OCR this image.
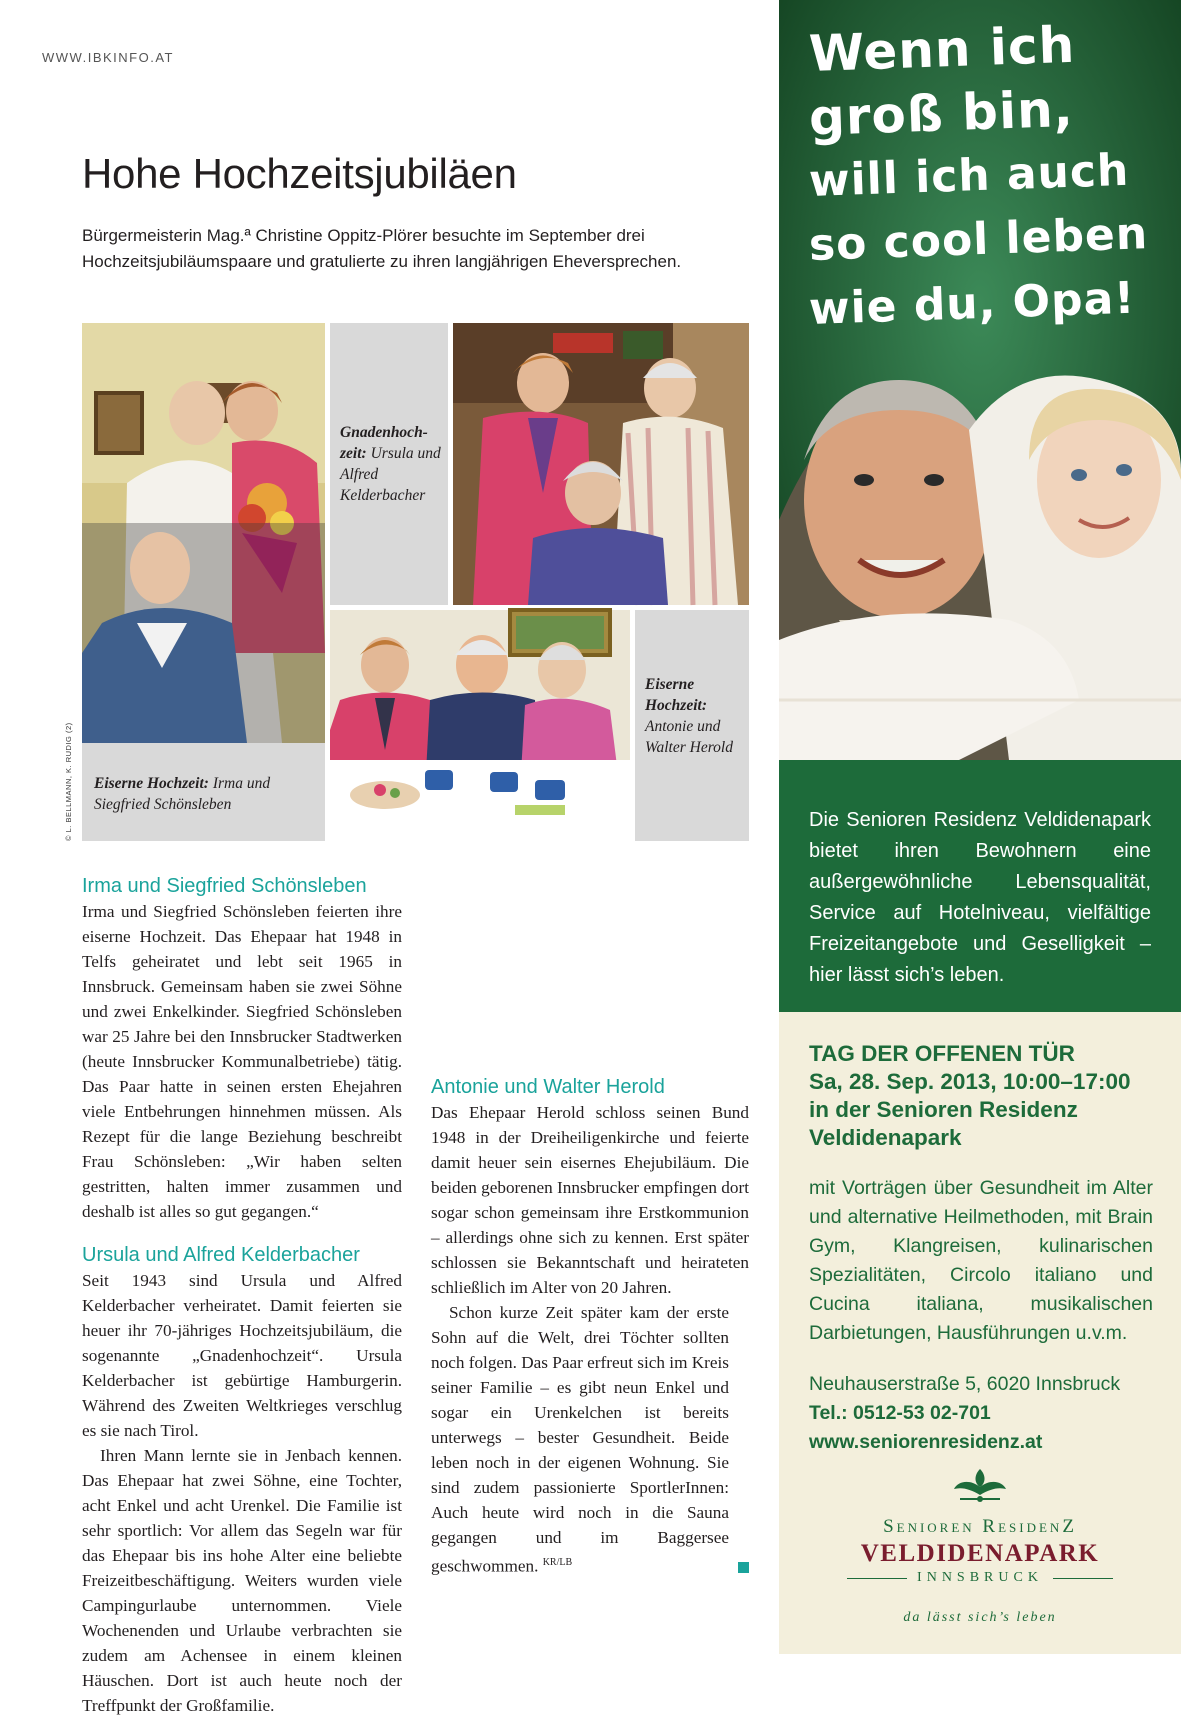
WWW.IBKINFO.AT
Hohe Hochzeitsjubiläen

Bürgermeisterin Mag.ª Christine Oppitz-Plörer besuchte im September drei Hochzeitsjubiläumspaare und gratulierte zu ihren langjährigen Eheversprechen.

Eiserne Hochzeit: Irma und Siegfried Schönsleben
© L. BELLMANN, K. RUDIG (2)
Gnadenhoch- zeit: Ursula und Alfred Kelderbacher
Eiserne Hochzeit: Antonie und Walter Herold
Irma und Siegfried Schönsleben

Irma und Siegfried Schönsleben feierten ihre eiserne Hochzeit. Das Ehepaar hat 1948 in Telfs geheiratet und lebt seit 1965 in Innsbruck. Gemeinsam haben sie zwei Söhne und zwei Enkelkinder. Siegfried Schönsleben war 25 Jahre bei den Innsbrucker Stadtwerken (heute Innsbrucker Kommunalbetriebe) tätig. Das Paar hatte in seinen ersten Ehejahren viele Entbehrungen hinnehmen müssen. Als Rezept für die lange Beziehung beschreibt Frau Schönsleben: „Wir haben selten gestritten, halten immer zusammen und deshalb ist alles so gut gegangen.“

Ursula und Alfred Kelderbacher

Seit 1943 sind Ursula und Alfred Kelderbacher verheiratet. Damit feierten sie heuer ihr 70-jähriges Hochzeitsjubiläum, die sogenannte „Gnadenhochzeit“. Ursula Kelderbacher ist gebürtige Hamburgerin. Während des Zweiten Weltkrieges verschlug es sie nach Tirol.

Ihren Mann lernte sie in Jenbach kennen. Das Ehepaar hat zwei Söhne, eine Tochter, acht Enkel und acht Urenkel. Die Familie ist sehr sportlich: Vor allem das Segeln war für das Ehepaar bis ins hohe Alter eine beliebte Freizeitbeschäftigung. Weiters wurden viele Campingurlaube unternommen. Viele Wochenenden und Urlaube verbrachten sie zudem am Achensee in einem kleinen Häuschen. Dort ist auch heute noch der Treffpunkt der Großfamilie.

Antonie und Walter Herold

Das Ehepaar Herold schloss seinen Bund 1948 in der Dreiheiligenkirche und feierte damit heuer sein eisernes Ehejubiläum. Die beiden geborenen Innsbrucker empfingen dort sogar schon gemeinsam ihre Erstkommunion – allerdings ohne sich zu kennen. Erst später schlossen sie Bekanntschaft und heirateten schließlich im Alter von 20 Jahren.

Schon kurze Zeit später kam der erste Sohn auf die Welt, drei Töchter sollten noch folgen. Das Paar erfreut sich im Kreis seiner Familie – es gibt neun Enkel und sogar ein Urenkelchen ist bereits unterwegs – bester Gesundheit. Beide leben noch in der eigenen Wohnung. Sie sind zudem passionierte SportlerInnen: Auch heute wird noch in die Sauna gegangen und im Baggersee geschwommen. $^{KR/LB}$

Wenn ich
groß bin,
will ich auch
so cool leben
wie du, Opa!

Die Senioren Residenz Veldidenapark bietet ihren Bewohnern eine außergewöhnliche Lebensqualität, Service auf Hotelniveau, vielfältige Freizeitangebote und Geselligkeit – hier lässt sich’s leben.

TAG DER OFFENEN TÜR
Sa, 28. Sep. 2013, 10:00–17:00
in der Senioren Residenz Veldidenapark

mit Vorträgen über Gesundheit im Alter und alternative Heilmethoden, mit Brain Gym, Klangreisen, kulinarischen Spezialitäten, Circolo italiano und Cucina italiana, musikalischen Darbietungen, Hausführungen u.v.m.

Neuhauserstraße 5, 6020 Innsbruck
Tel.: 0512-53 02-701
www.seniorenresidenz.at
Senioren ResidenZ
VELDIDENAPARK
INNSBRUCK
da lässt sich’s leben
